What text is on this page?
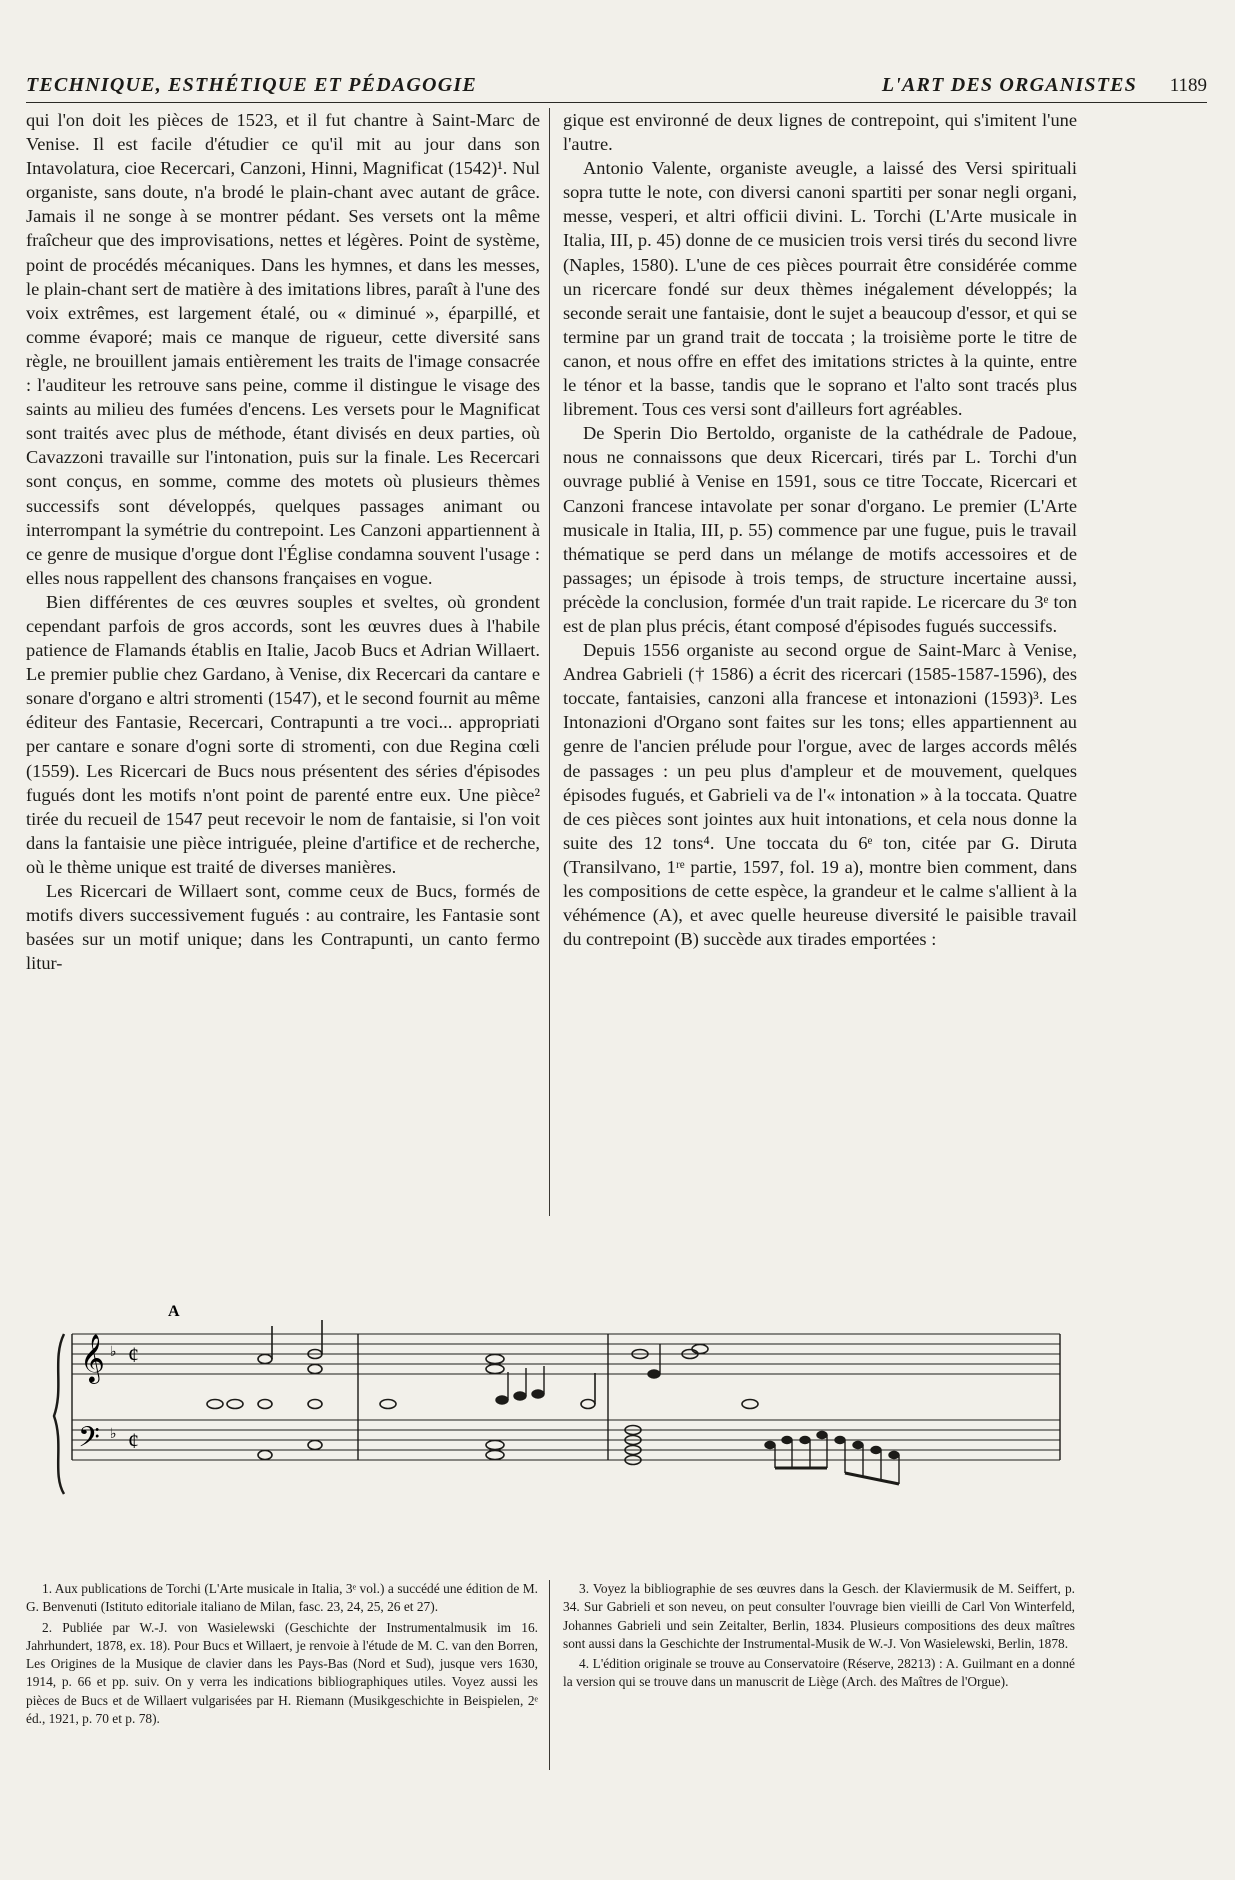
TECHNIQUE, ESTHÉTIQUE ET PÉDAGOGIE	L'ART DES ORGANISTES 1189

qui l'on doit les pièces de 1523, et il fut chantre à Saint-Marc de Venise. Il est facile d'étudier ce qu'il mit au jour dans son Intavolatura, cioe Recercari, Canzoni, Hinni, Magnificat (1542)¹. Nul organiste, sans doute, n'a brodé le plain-chant avec autant de grâce. Jamais il ne songe à se montrer pédant. Ses versets ont la même fraîcheur que des improvisations, nettes et légères. Point de système, point de procédés mécaniques. Dans les hymnes, et dans les messes, le plain-chant sert de matière à des imitations libres, paraît à l'une des voix extrêmes, est largement étalé, ou « diminué », éparpillé, et comme évaporé; mais ce manque de rigueur, cette diversité sans règle, ne brouillent jamais entièrement les traits de l'image consacrée : l'auditeur les retrouve sans peine, comme il distingue le visage des saints au milieu des fumées d'encens. Les versets pour le Magnificat sont traités avec plus de méthode, étant divisés en deux parties, où Cavazzoni travaille sur l'intonation, puis sur la finale. Les Recercari sont conçus, en somme, comme des motets où plusieurs thèmes successifs sont développés, quelques passages animant ou interrompant la symétrie du contrepoint. Les Canzoni appartiennent à ce genre de musique d'orgue dont l'Église condamna souvent l'usage : elles nous rappellent des chansons françaises en vogue.

Bien différentes de ces œuvres souples et sveltes, où grondent cependant parfois de gros accords, sont les œuvres dues à l'habile patience de Flamands établis en Italie, Jacob Bucs et Adrian Willaert. Le premier publie chez Gardano, à Venise, dix Recercari da cantare e sonare d'organo e altri stromenti (1547), et le second fournit au même éditeur des Fantasie, Recercari, Contrapunti a tre voci... appropriati per cantare e sonare d'ogni sorte di stromenti, con due Regina cœli (1559). Les Ricercari de Bucs nous présentent des séries d'épisodes fugués dont les motifs n'ont point de parenté entre eux. Une pièce² tirée du recueil de 1547 peut recevoir le nom de fantaisie, si l'on voit dans la fantaisie une pièce intriguée, pleine d'artifice et de recherche, où le thème unique est traité de diverses manières.

Les Ricercari de Willaert sont, comme ceux de Bucs, formés de motifs divers successivement fugués : au contraire, les Fantasie sont basées sur un motif unique; dans les Contrapunti, un canto fermo litur-

gique est environné de deux lignes de contrepoint, qui s'imitent l'une l'autre.

Antonio Valente, organiste aveugle, a laissé des Versi spirituali sopra tutte le note, con diversi canoni spartiti per sonar negli organi, messe, vesperi, et altri officii divini. L. Torchi (L'Arte musicale in Italia, III, p. 45) donne de ce musicien trois versi tirés du second livre (Naples, 1580). L'une de ces pièces pourrait être considérée comme un ricercare fondé sur deux thèmes inégalement développés; la seconde serait une fantaisie, dont le sujet a beaucoup d'essor, et qui se termine par un grand trait de toccata ; la troisième porte le titre de canon, et nous offre en effet des imitations strictes à la quinte, entre le ténor et la basse, tandis que le soprano et l'alto sont tracés plus librement. Tous ces versi sont d'ailleurs fort agréables.

De Sperin Dio Bertoldo, organiste de la cathédrale de Padoue, nous ne connaissons que deux Ricercari, tirés par L. Torchi d'un ouvrage publié à Venise en 1591, sous ce titre Toccate, Ricercari et Canzoni francese intavolate per sonar d'organo. Le premier (L'Arte musicale in Italia, III, p. 55) commence par une fugue, puis le travail thématique se perd dans un mélange de motifs accessoires et de passages; un épisode à trois temps, de structure incertaine aussi, précède la conclusion, formée d'un trait rapide. Le ricercare du 3ᵉ ton est de plan plus précis, étant composé d'épisodes fugués successifs.

Depuis 1556 organiste au second orgue de Saint-Marc à Venise, Andrea Gabrieli († 1586) a écrit des ricercari (1585-1587-1596), des toccate, fantaisies, canzoni alla francese et intonazioni (1593)³. Les Intonazioni d'Organo sont faites sur les tons; elles appartiennent au genre de l'ancien prélude pour l'orgue, avec de larges accords mêlés de passages : un peu plus d'ampleur et de mouvement, quelques épisodes fugués, et Gabrieli va de l'« intonation » à la toccata. Quatre de ces pièces sont jointes aux huit intonations, et cela nous donne la suite des 12 tons⁴. Une toccata du 6ᵉ ton, citée par G. Diruta (Transilvano, 1ʳᵉ partie, 1597, fol. 19 a), montre bien comment, dans les compositions de cette espèce, la grandeur et le calme s'allient à la véhémence (A), et avec quelle heureuse diversité le paisible travail du contrepoint (B) succède aux tirades emportées :

A
𝄞
𝄢
♭
♭
¢
¢

1. Aux publications de Torchi (L'Arte musicale in Italia, 3ᵉ vol.) a succédé une édition de M. G. Benvenuti (Istituto editoriale italiano de Milan, fasc. 23, 24, 25, 26 et 27).

2. Publiée par W.-J. von Wasielewski (Geschichte der Instrumentalmusik im 16. Jahrhundert, 1878, ex. 18). Pour Bucs et Willaert, je renvoie à l'étude de M. C. van den Borren, Les Origines de la Musique de clavier dans les Pays-Bas (Nord et Sud), jusque vers 1630, 1914, p. 66 et pp. suiv. On y verra les indications bibliographiques utiles. Voyez aussi les pièces de Bucs et de Willaert vulgarisées par H. Riemann (Musikgeschichte in Beispielen, 2ᵉ éd., 1921, p. 70 et p. 78).

3. Voyez la bibliographie de ses œuvres dans la Gesch. der Klaviermusik de M. Seiffert, p. 34. Sur Gabrieli et son neveu, on peut consulter l'ouvrage bien vieilli de Carl Von Winterfeld, Johannes Gabrieli und sein Zeitalter, Berlin, 1834. Plusieurs compositions des deux maîtres sont aussi dans la Geschichte der Instrumental-Musik de W.-J. Von Wasielewski, Berlin, 1878.

4. L'édition originale se trouve au Conservatoire (Réserve, 28213) : A. Guilmant en a donné la version qui se trouve dans un manuscrit de Liège (Arch. des Maîtres de l'Orgue).
